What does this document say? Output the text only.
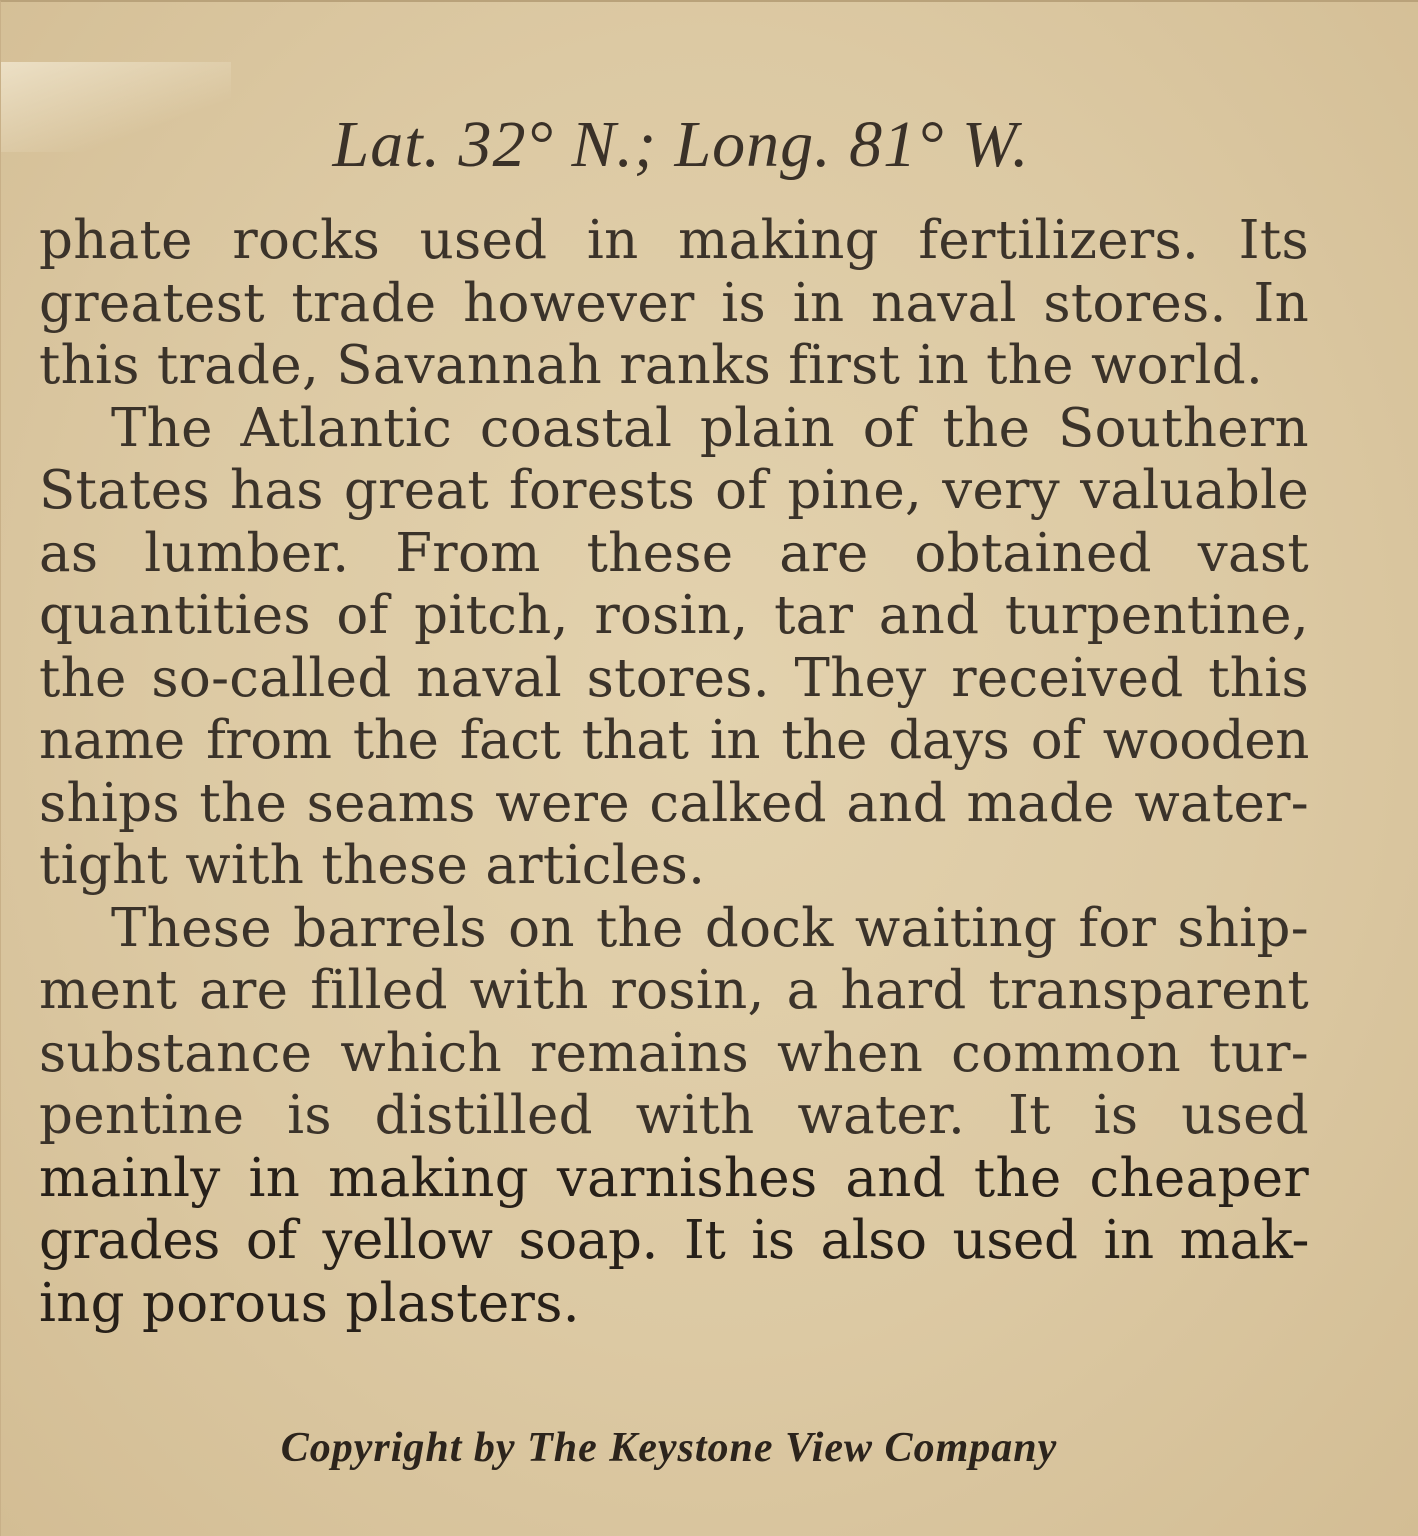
Lat. 32° N.; Long. 81° W.
phate rocks used in making fertilizers. Its
greatest trade however is in naval stores. In
this trade, Savannah ranks first in the world.
The Atlantic coastal plain of the Southern
States has great forests of pine, very valuable
as lumber. From these are obtained vast
quantities of pitch, rosin, tar and turpentine,
the so-called naval stores. They received this
name from the fact that in the days of wooden
ships the seams were calked and made water-
tight with these articles.
These barrels on the dock waiting for ship-
ment are filled with rosin, a hard transparent
substance which remains when common tur-
pentine is distilled with water. It is used
mainly in making varnishes and the cheaper
grades of yellow soap. It is also used in mak-
ing porous plasters.
Copyright by The Keystone View Company
